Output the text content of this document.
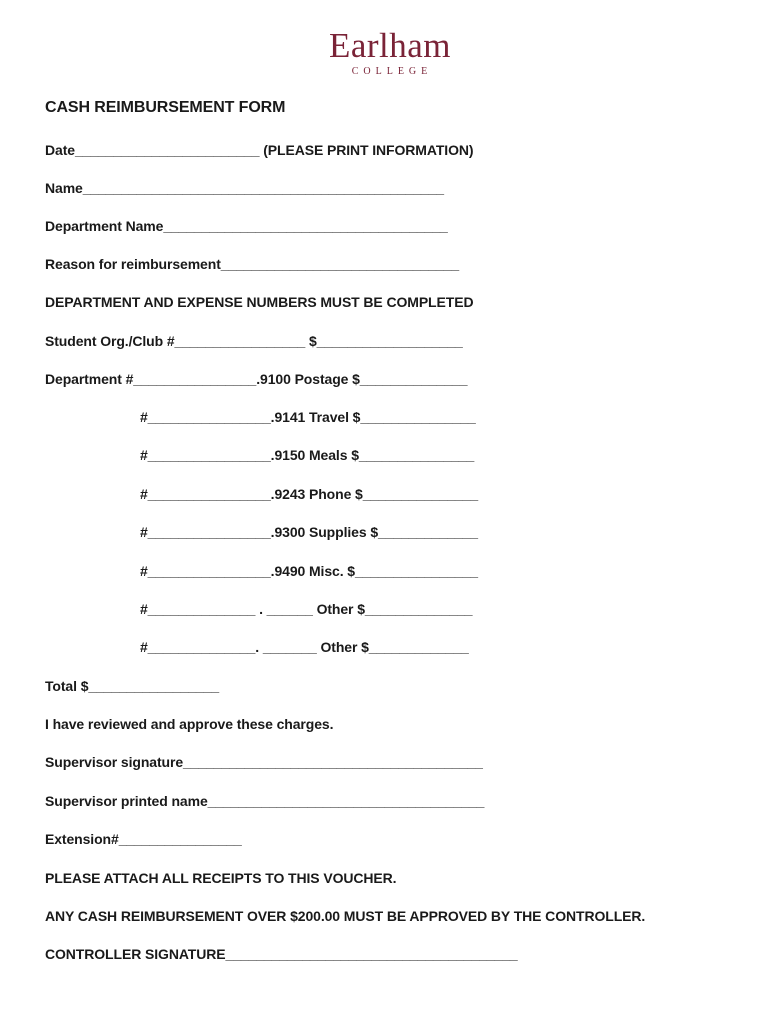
Earlham
COLLEGE
CASH REIMBURSEMENT FORM
Date________________________ (PLEASE PRINT INFORMATION)
Name_______________________________________________
Department Name_____________________________________
Reason for reimbursement_______________________________
DEPARTMENT AND EXPENSE NUMBERS MUST BE COMPLETED
Student Org./Club #_________________ $___________________
Department #________________.9100 Postage $______________
#________________.9141 Travel $_______________
#________________.9150 Meals $_______________
#________________.9243 Phone $_______________
#________________.9300 Supplies $_____________
#________________.9490 Misc. $________________
#______________ . ______ Other $______________
#______________. _______ Other $_____________
Total $_________________
I have reviewed and approve these charges.
Supervisor signature_______________________________________
Supervisor printed name____________________________________
Extension#________________
PLEASE ATTACH ALL RECEIPTS TO THIS VOUCHER.
ANY CASH REIMBURSEMENT OVER $200.00 MUST BE APPROVED BY THE CONTROLLER.
CONTROLLER SIGNATURE______________________________________
